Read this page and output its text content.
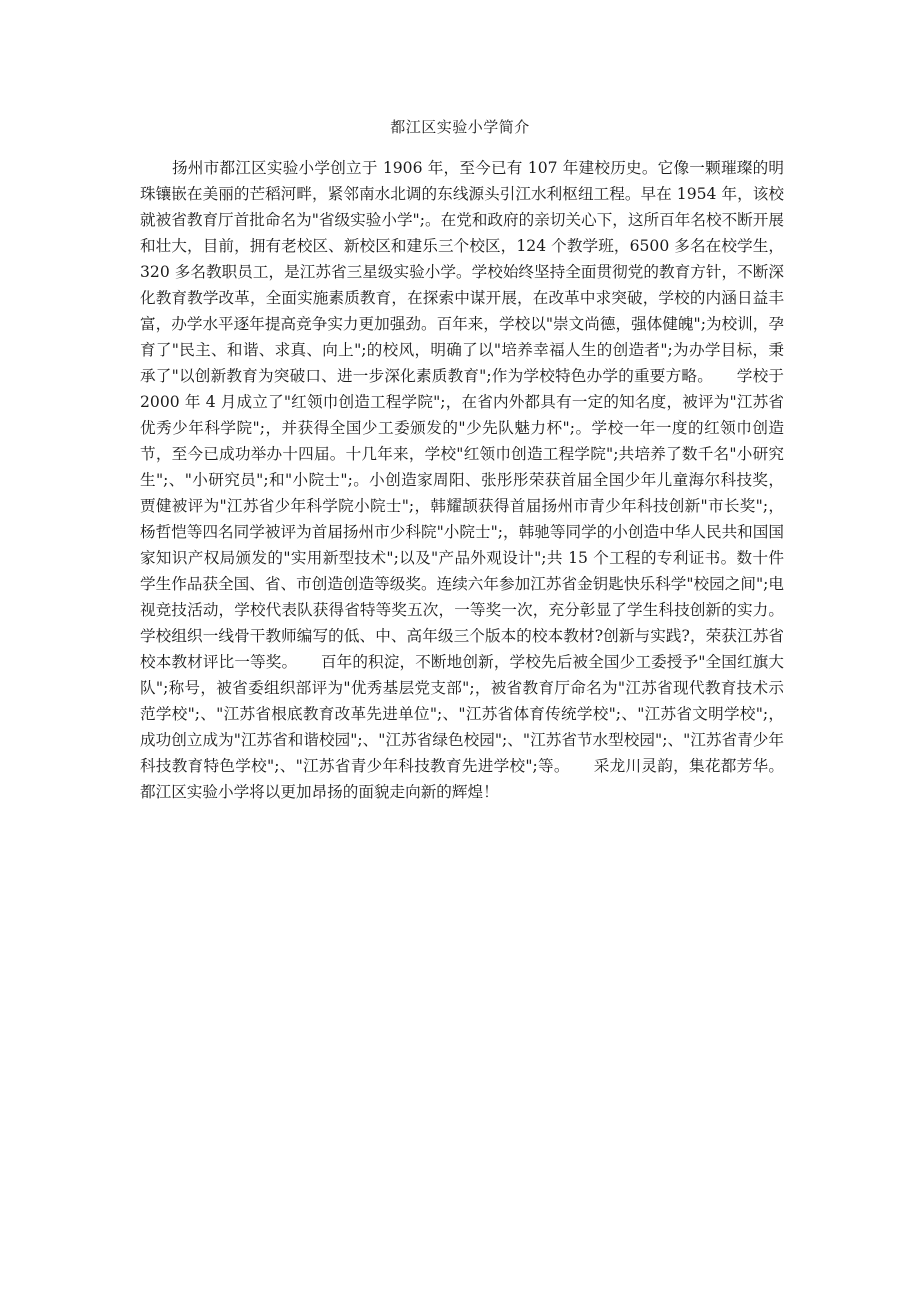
都江区实验小学简介

扬州市都江区实验小学创立于 1906 年，至今已有 107 年建校历史。它像一颗璀璨的明珠镶嵌在美丽的芒稻河畔，紧邻南水北调的东线源头引江水利枢纽工程。早在 1954 年，该校就被省教育厅首批命名为"省级实验小学";。在党和政府的亲切关心下，这所百年名校不断开展和壮大，目前，拥有老校区、新校区和建乐三个校区，124 个教学班，6500 多名在校学生，320 多名教职员工，是江苏省三星级实验小学。学校始终坚持全面贯彻党的教育方针，不断深化教育教学改革，全面实施素质教育，在探索中谋开展，在改革中求突破，学校的内涵日益丰富，办学水平逐年提高竞争实力更加强劲。百年来，学校以"崇文尚德，强体健魄";为校训，孕育了"民主、和谐、求真、向上";的校风，明确了以"培养幸福人生的创造者";为办学目标，秉承了"以创新教育为突破口、进一步深化素质教育";作为学校特色办学的重要方略。　　学校于 2000 年 4 月成立了"红领巾创造工程学院";，在省内外都具有一定的知名度，被评为"江苏省优秀少年科学院";，并获得全国少工委颁发的"少先队魅力杯";。学校一年一度的红领巾创造节，至今已成功举办十四届。十几年来，学校"红领巾创造工程学院";共培养了数千名"小研究生";、"小研究员";和"小院士";。小创造家周阳、张彤彤荣获首届全国少年儿童海尔科技奖，贾健被评为"江苏省少年科学院小院士";，韩耀颉获得首届扬州市青少年科技创新"市长奖";，杨哲恺等四名同学被评为首届扬州市少科院"小院士";，韩驰等同学的小创造中华人民共和国国家知识产权局颁发的"实用新型技术";以及"产品外观设计";共 15 个工程的专利证书。数十件学生作品获全国、省、市创造创造等级奖。连续六年参加江苏省金钥匙快乐科学"校园之间";电视竞技活动，学校代表队获得省特等奖五次，一等奖一次，充分彰显了学生科技创新的实力。学校组织一线骨干教师编写的低、中、高年级三个版本的校本教材?创新与实践?，荣获江苏省校本教材评比一等奖。　　百年的积淀，不断地创新，学校先后被全国少工委授予"全国红旗大队";称号，被省委组织部评为"优秀基层党支部";，被省教育厅命名为"江苏省现代教育技术示范学校";、"江苏省根底教育改革先进单位";、"江苏省体育传统学校";、"江苏省文明学校";，成功创立成为"江苏省和谐校园";、"江苏省绿色校园";、"江苏省节水型校园";、"江苏省青少年科技教育特色学校";、"江苏省青少年科技教育先进学校";等。　　采龙川灵韵，集花都芳华。都江区实验小学将以更加昂扬的面貌走向新的辉煌！
